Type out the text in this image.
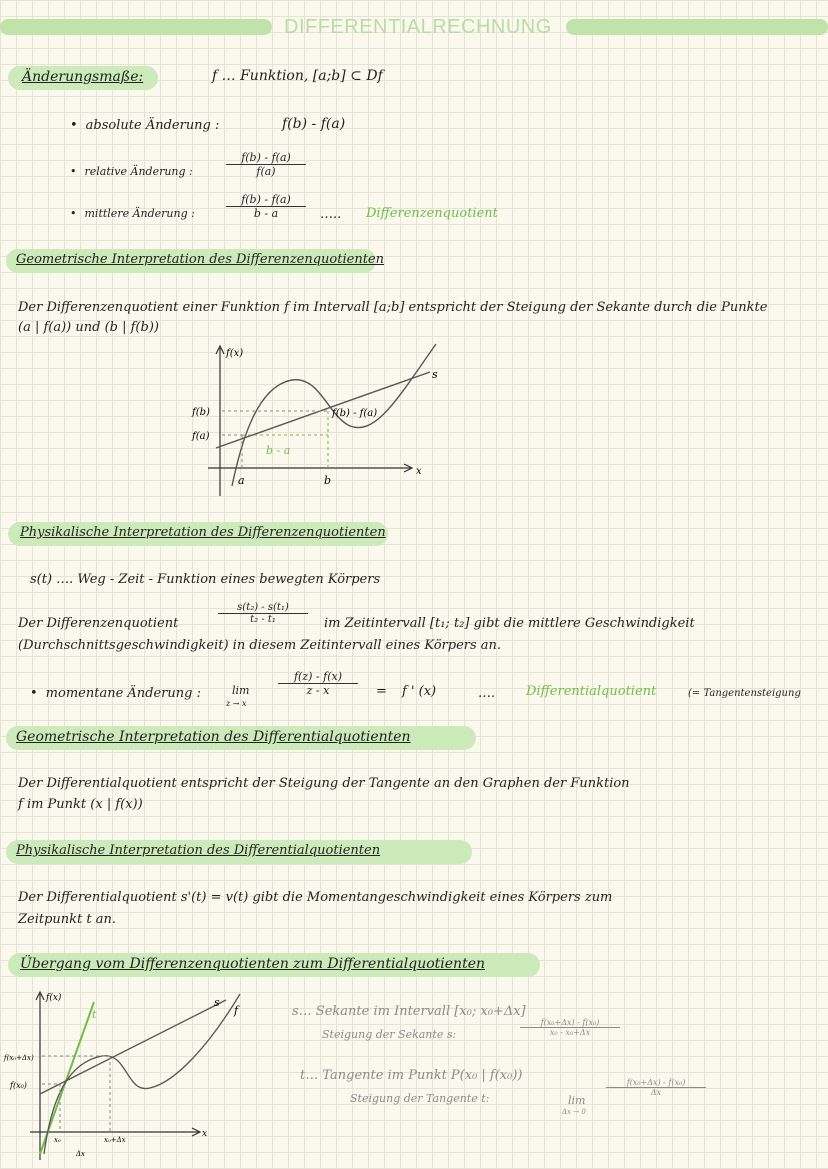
DIFFERENTIALRECHNUNG
Änderungsmaße:	f … Funktion, [a;b] ⊂ Df
• absolute Änderung :	f(b) - f(a)
• relative Änderung :	$\frac{f(b) - f(a)}{f(a)}$
• mittlere Änderung :	$\frac{f(b) - f(a)}{b - a}$ ….. Differenzenquotient
Geometrische Interpretation des Differenzenquotienten
Der Differenzenquotient einer Funktion f im Intervall [a;b] entspricht der Steigung der Sekante durch die Punkte
(a | f(a)) und (b | f(b))
f(x)
s
f(b)
f(a)
f(b) - f(a)
b - a
a	b
x
Physikalische Interpretation des Differenzenquotienten
s(t) …. Weg - Zeit - Funktion eines bewegten Körpers
Der Differenzenquotient	$\frac{\text{s(t₂) - s(t₁)}}{\text{t₂ - t₁}}$ im Zeitintervall [t₁; t₂] gibt die mittlere Geschwindigkeit
(Durchschnittsgeschwindigkeit) in diesem Zeitintervall eines Körpers an.
• momentane Änderung :	lim
z → x
$\frac{f(z) - f(x)}{z - x} = f$ ' (x)	…. Differentialquotient	(= Tangentensteigung
Geometrische Interpretation des Differentialquotienten
Der Differentialquotient entspricht der Steigung der Tangente an den Graphen der Funktion
f im Punkt (x | f(x))
Physikalische Interpretation des Differentialquotienten
Der Differentialquotient s'(t) = v(t) gibt die Momentangeschwindigkeit eines Körpers zum
Zeitpunkt t an.
Übergang vom Differenzenquotienten zum Differentialquotienten
f(x)
t
s
f
f(x₀+Δx)
f(x₀)
x₀	x₀+Δx
Δx
x
s… Sekante im Intervall [x₀; x₀+Δx]
Steigung der Sekante s:	$\frac{\text{f(x₀+Δx) - f(x₀)}}{\text{x₀ - x₀+Δx}}$
t… Tangente im Punkt P(x₀ | f(x₀))
Steigung der Tangente t:	lim
Δx → 0
$\frac{\text{f(x₀+Δx) - f(x₀)}}{\Delta x}$
